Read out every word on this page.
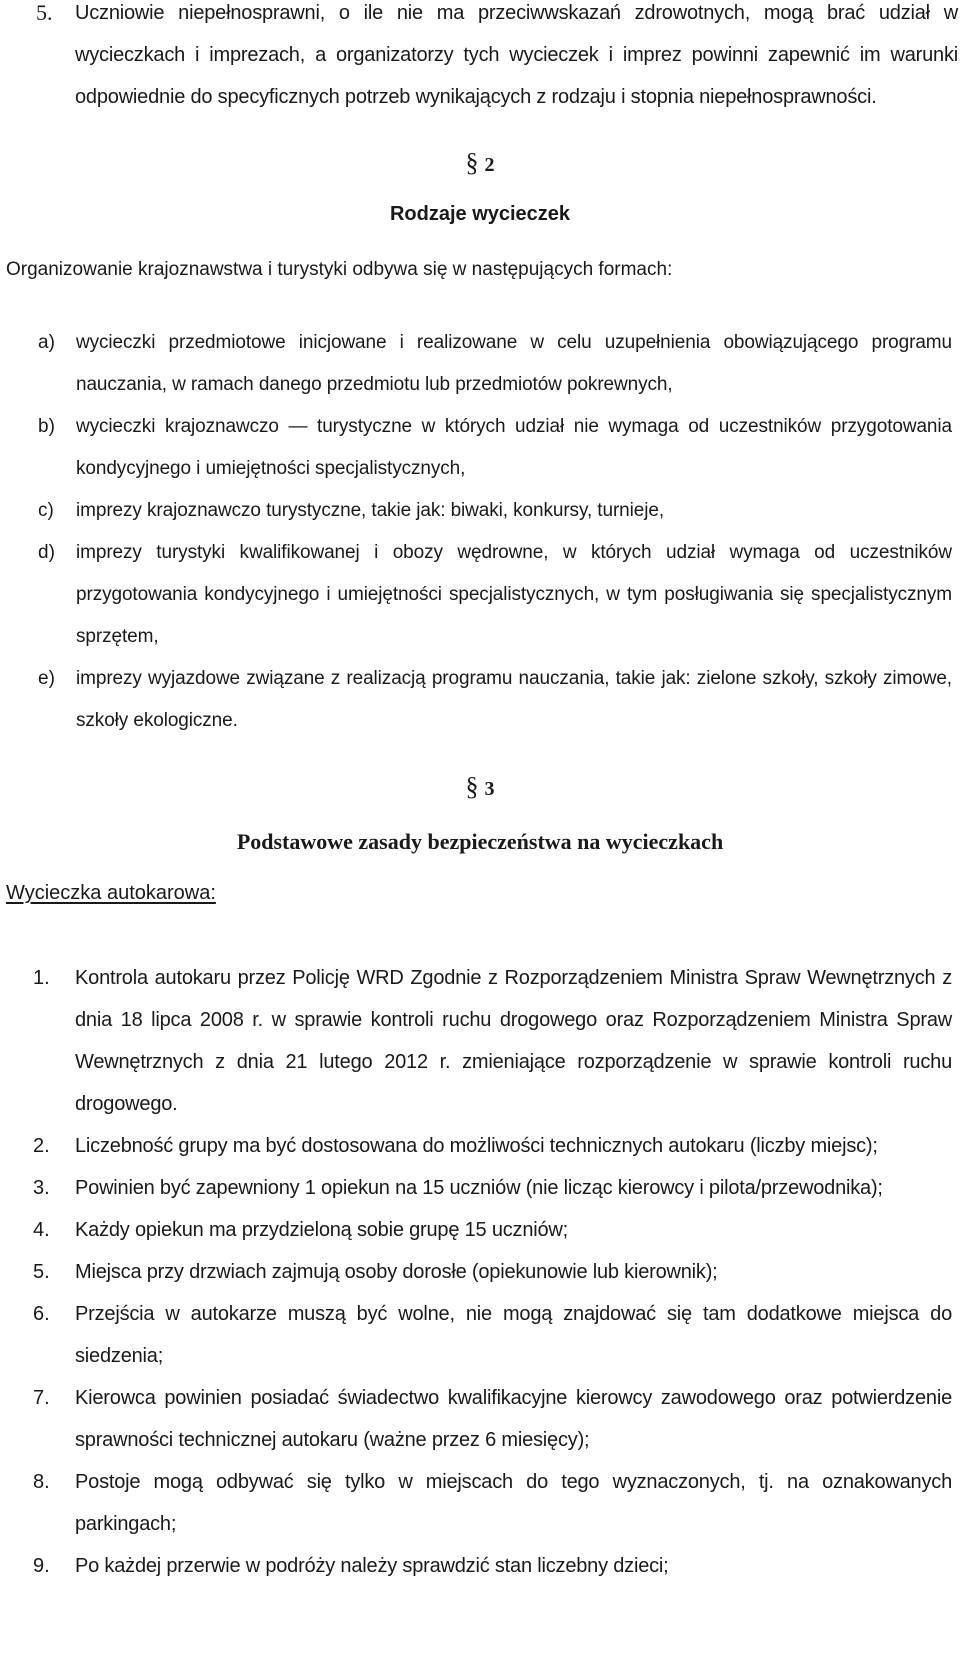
5. Uczniowie niepełnosprawni, o ile nie ma przeciwwskazań zdrowotnych, mogą brać udział w wycieczkach i imprezach, a organizatorzy tych wycieczek i imprez powinni zapewnić im warunki odpowiednie do specyficznych potrzeb wynikających z rodzaju i stopnia niepełnosprawności.
§ 2
Rodzaje wycieczek
Organizowanie krajoznawstwa i turystyki odbywa się w następujących formach:
a) wycieczki przedmiotowe inicjowane i realizowane w celu uzupełnienia obowiązującego programu nauczania, w ramach danego przedmiotu lub przedmiotów pokrewnych,
b) wycieczki krajoznawczo — turystyczne w których udział nie wymaga od uczestników przygotowania kondycyjnego i umiejętności specjalistycznych,
c) imprezy krajoznawczo turystyczne, takie jak: biwaki, konkursy, turnieje,
d) imprezy turystyki kwalifikowanej i obozy wędrowne, w których udział wymaga od uczestników przygotowania kondycyjnego i umiejętności specjalistycznych, w tym posługiwania się specjalistycznym sprzętem,
e) imprezy wyjazdowe związane z realizacją programu nauczania, takie jak: zielone szkoły, szkoły zimowe, szkoły ekologiczne.
§ 3
Podstawowe zasady bezpieczeństwa na wycieczkach
Wycieczka autokarowa:
1. Kontrola autokaru przez Policję WRD Zgodnie z Rozporządzeniem Ministra Spraw Wewnętrznych z dnia 18 lipca 2008 r. w sprawie kontroli ruchu drogowego oraz Rozporządzeniem Ministra Spraw Wewnętrznych z dnia 21 lutego 2012 r. zmieniające rozporządzenie w sprawie kontroli ruchu drogowego.
2. Liczebność grupy ma być dostosowana do możliwości technicznych autokaru (liczby miejsc);
3. Powinien być zapewniony 1 opiekun na 15 uczniów (nie licząc kierowcy i pilota/przewodnika);
4. Każdy opiekun ma przydzieloną sobie grupę 15 uczniów;
5. Miejsca przy drzwiach zajmują osoby dorosłe (opiekunowie lub kierownik);
6. Przejścia w autokarze muszą być wolne, nie mogą znajdować się tam dodatkowe miejsca do siedzenia;
7. Kierowca powinien posiadać świadectwo kwalifikacyjne kierowcy zawodowego oraz potwierdzenie sprawności technicznej autokaru (ważne przez 6 miesięcy);
8. Postoje mogą odbywać się tylko w miejscach do tego wyznaczonych, tj. na oznakowanych parkingach;
9. Po każdej przerwie w podróży należy sprawdzić stan liczebny dzieci;
